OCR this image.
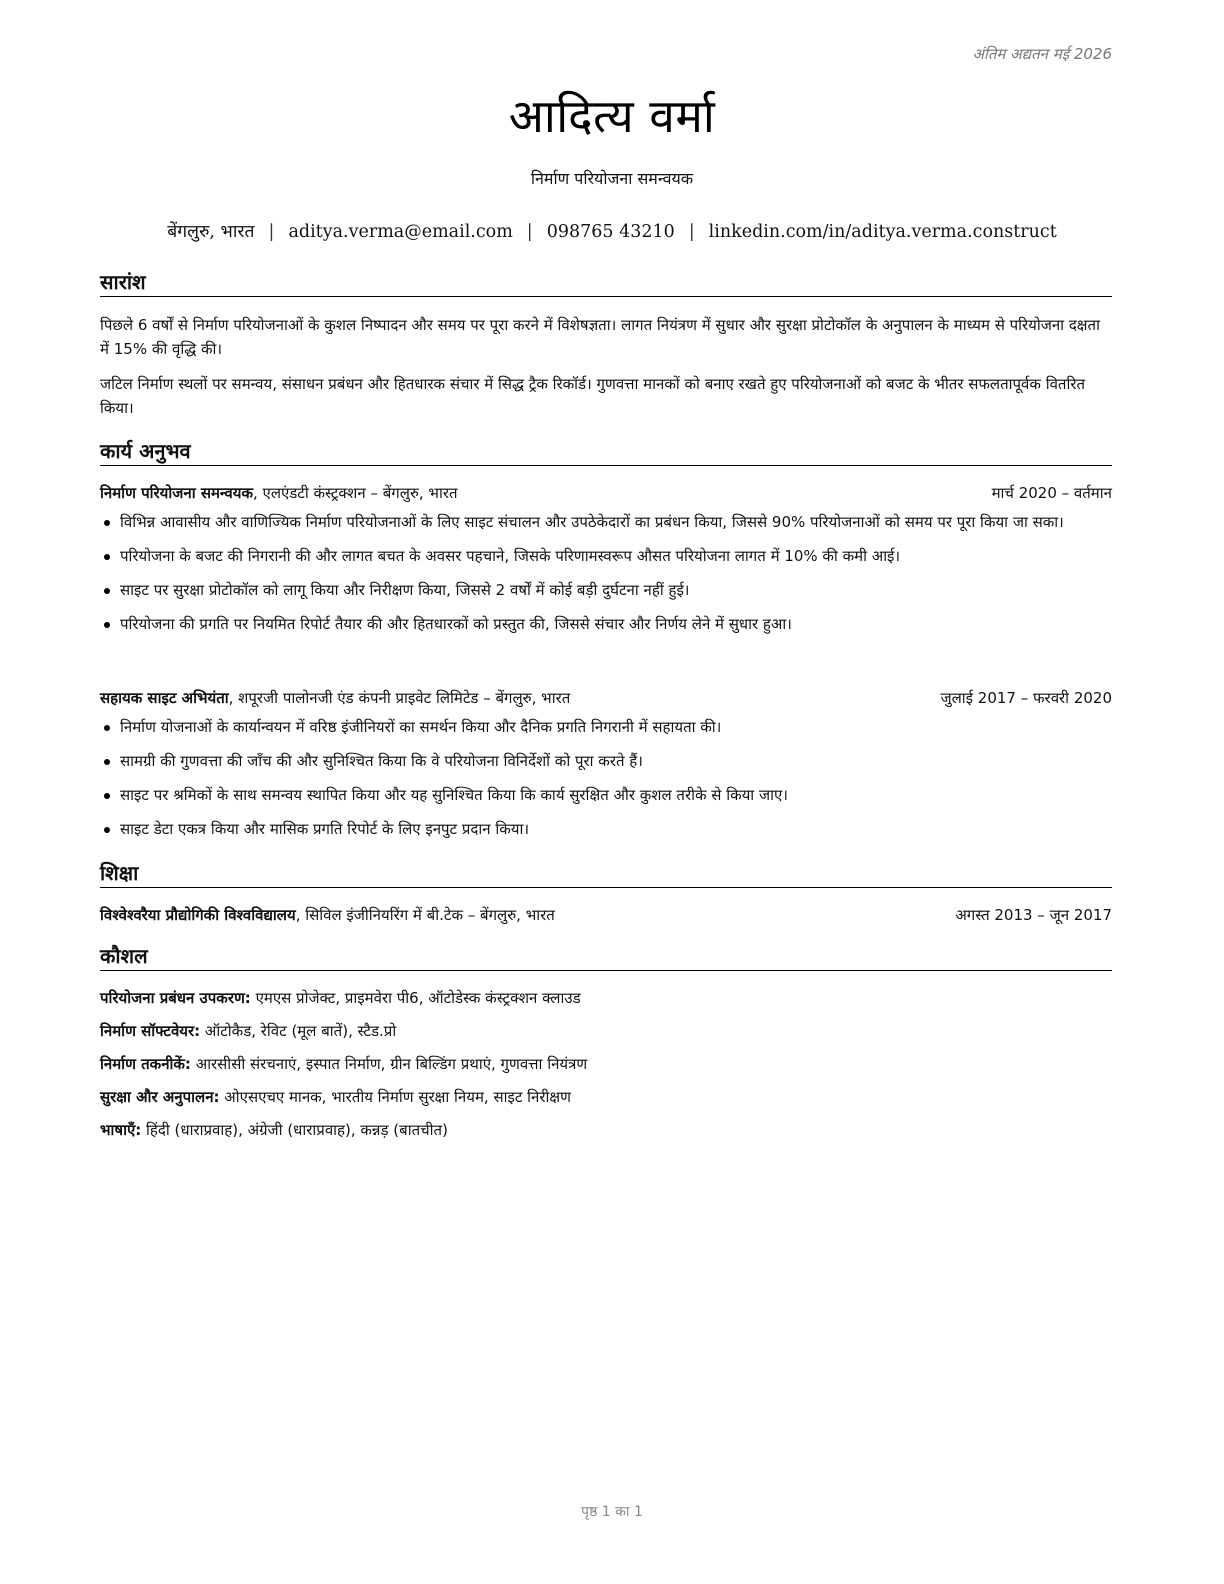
अंतिम अद्यतन मई 2026
आदित्य वर्मा
निर्माण परियोजना समन्वयक
बेंगलुरु, भारत | aditya.verma@email.com | 098765 43210 | linkedin.com/in/aditya.verma.construct
सारांश
पिछले 6 वर्षों से निर्माण परियोजनाओं के कुशल निष्पादन और समय पर पूरा करने में विशेषज्ञता। लागत नियंत्रण में सुधार और सुरक्षा प्रोटोकॉल के अनुपालन के माध्यम से परियोजना दक्षता में 15% की वृद्धि की।
जटिल निर्माण स्थलों पर समन्वय, संसाधन प्रबंधन और हितधारक संचार में सिद्ध ट्रैक रिकॉर्ड। गुणवत्ता मानकों को बनाए रखते हुए परियोजनाओं को बजट के भीतर सफलतापूर्वक वितरित किया।
कार्य अनुभव
निर्माण परियोजना समन्वयक, एलएंडटी कंस्ट्रक्शन – बेंगलुरु, भारत	मार्च 2020 – वर्तमान
विभिन्न आवासीय और वाणिज्यिक निर्माण परियोजनाओं के लिए साइट संचालन और उपठेकेदारों का प्रबंधन किया, जिससे 90% परियोजनाओं को समय पर पूरा किया जा सका।
परियोजना के बजट की निगरानी की और लागत बचत के अवसर पहचाने, जिसके परिणामस्वरूप औसत परियोजना लागत में 10% की कमी आई।
साइट पर सुरक्षा प्रोटोकॉल को लागू किया और निरीक्षण किया, जिससे 2 वर्षों में कोई बड़ी दुर्घटना नहीं हुई।
परियोजना की प्रगति पर नियमित रिपोर्ट तैयार की और हितधारकों को प्रस्तुत की, जिससे संचार और निर्णय लेने में सुधार हुआ।
सहायक साइट अभियंता, शपूरजी पालोनजी एंड कंपनी प्राइवेट लिमिटेड – बेंगलुरु, भारत	जुलाई 2017 – फरवरी 2020
निर्माण योजनाओं के कार्यान्वयन में वरिष्ठ इंजीनियरों का समर्थन किया और दैनिक प्रगति निगरानी में सहायता की।
सामग्री की गुणवत्ता की जाँच की और सुनिश्चित किया कि वे परियोजना विनिर्देशों को पूरा करते हैं।
साइट पर श्रमिकों के साथ समन्वय स्थापित किया और यह सुनिश्चित किया कि कार्य सुरक्षित और कुशल तरीके से किया जाए।
साइट डेटा एकत्र किया और मासिक प्रगति रिपोर्ट के लिए इनपुट प्रदान किया।
शिक्षा
विश्वेश्वरैया प्रौद्योगिकी विश्वविद्यालय, सिविल इंजीनियरिंग में बी.टेक – बेंगलुरु, भारत	अगस्त 2013 – जून 2017
कौशल
परियोजना प्रबंधन उपकरण: एमएस प्रोजेक्ट, प्राइमवेरा पी6, ऑटोडेस्क कंस्ट्रक्शन क्लाउड
निर्माण सॉफ्टवेयर: ऑटोकैड, रेविट (मूल बातें), स्टैड.प्रो
निर्माण तकनीकें: आरसीसी संरचनाएं, इस्पात निर्माण, ग्रीन बिल्डिंग प्रथाएं, गुणवत्ता नियंत्रण
सुरक्षा और अनुपालन: ओएसएचए मानक, भारतीय निर्माण सुरक्षा नियम, साइट निरीक्षण
भाषाएँ: हिंदी (धाराप्रवाह), अंग्रेजी (धाराप्रवाह), कन्नड़ (बातचीत)
पृष्ठ 1 का 1
